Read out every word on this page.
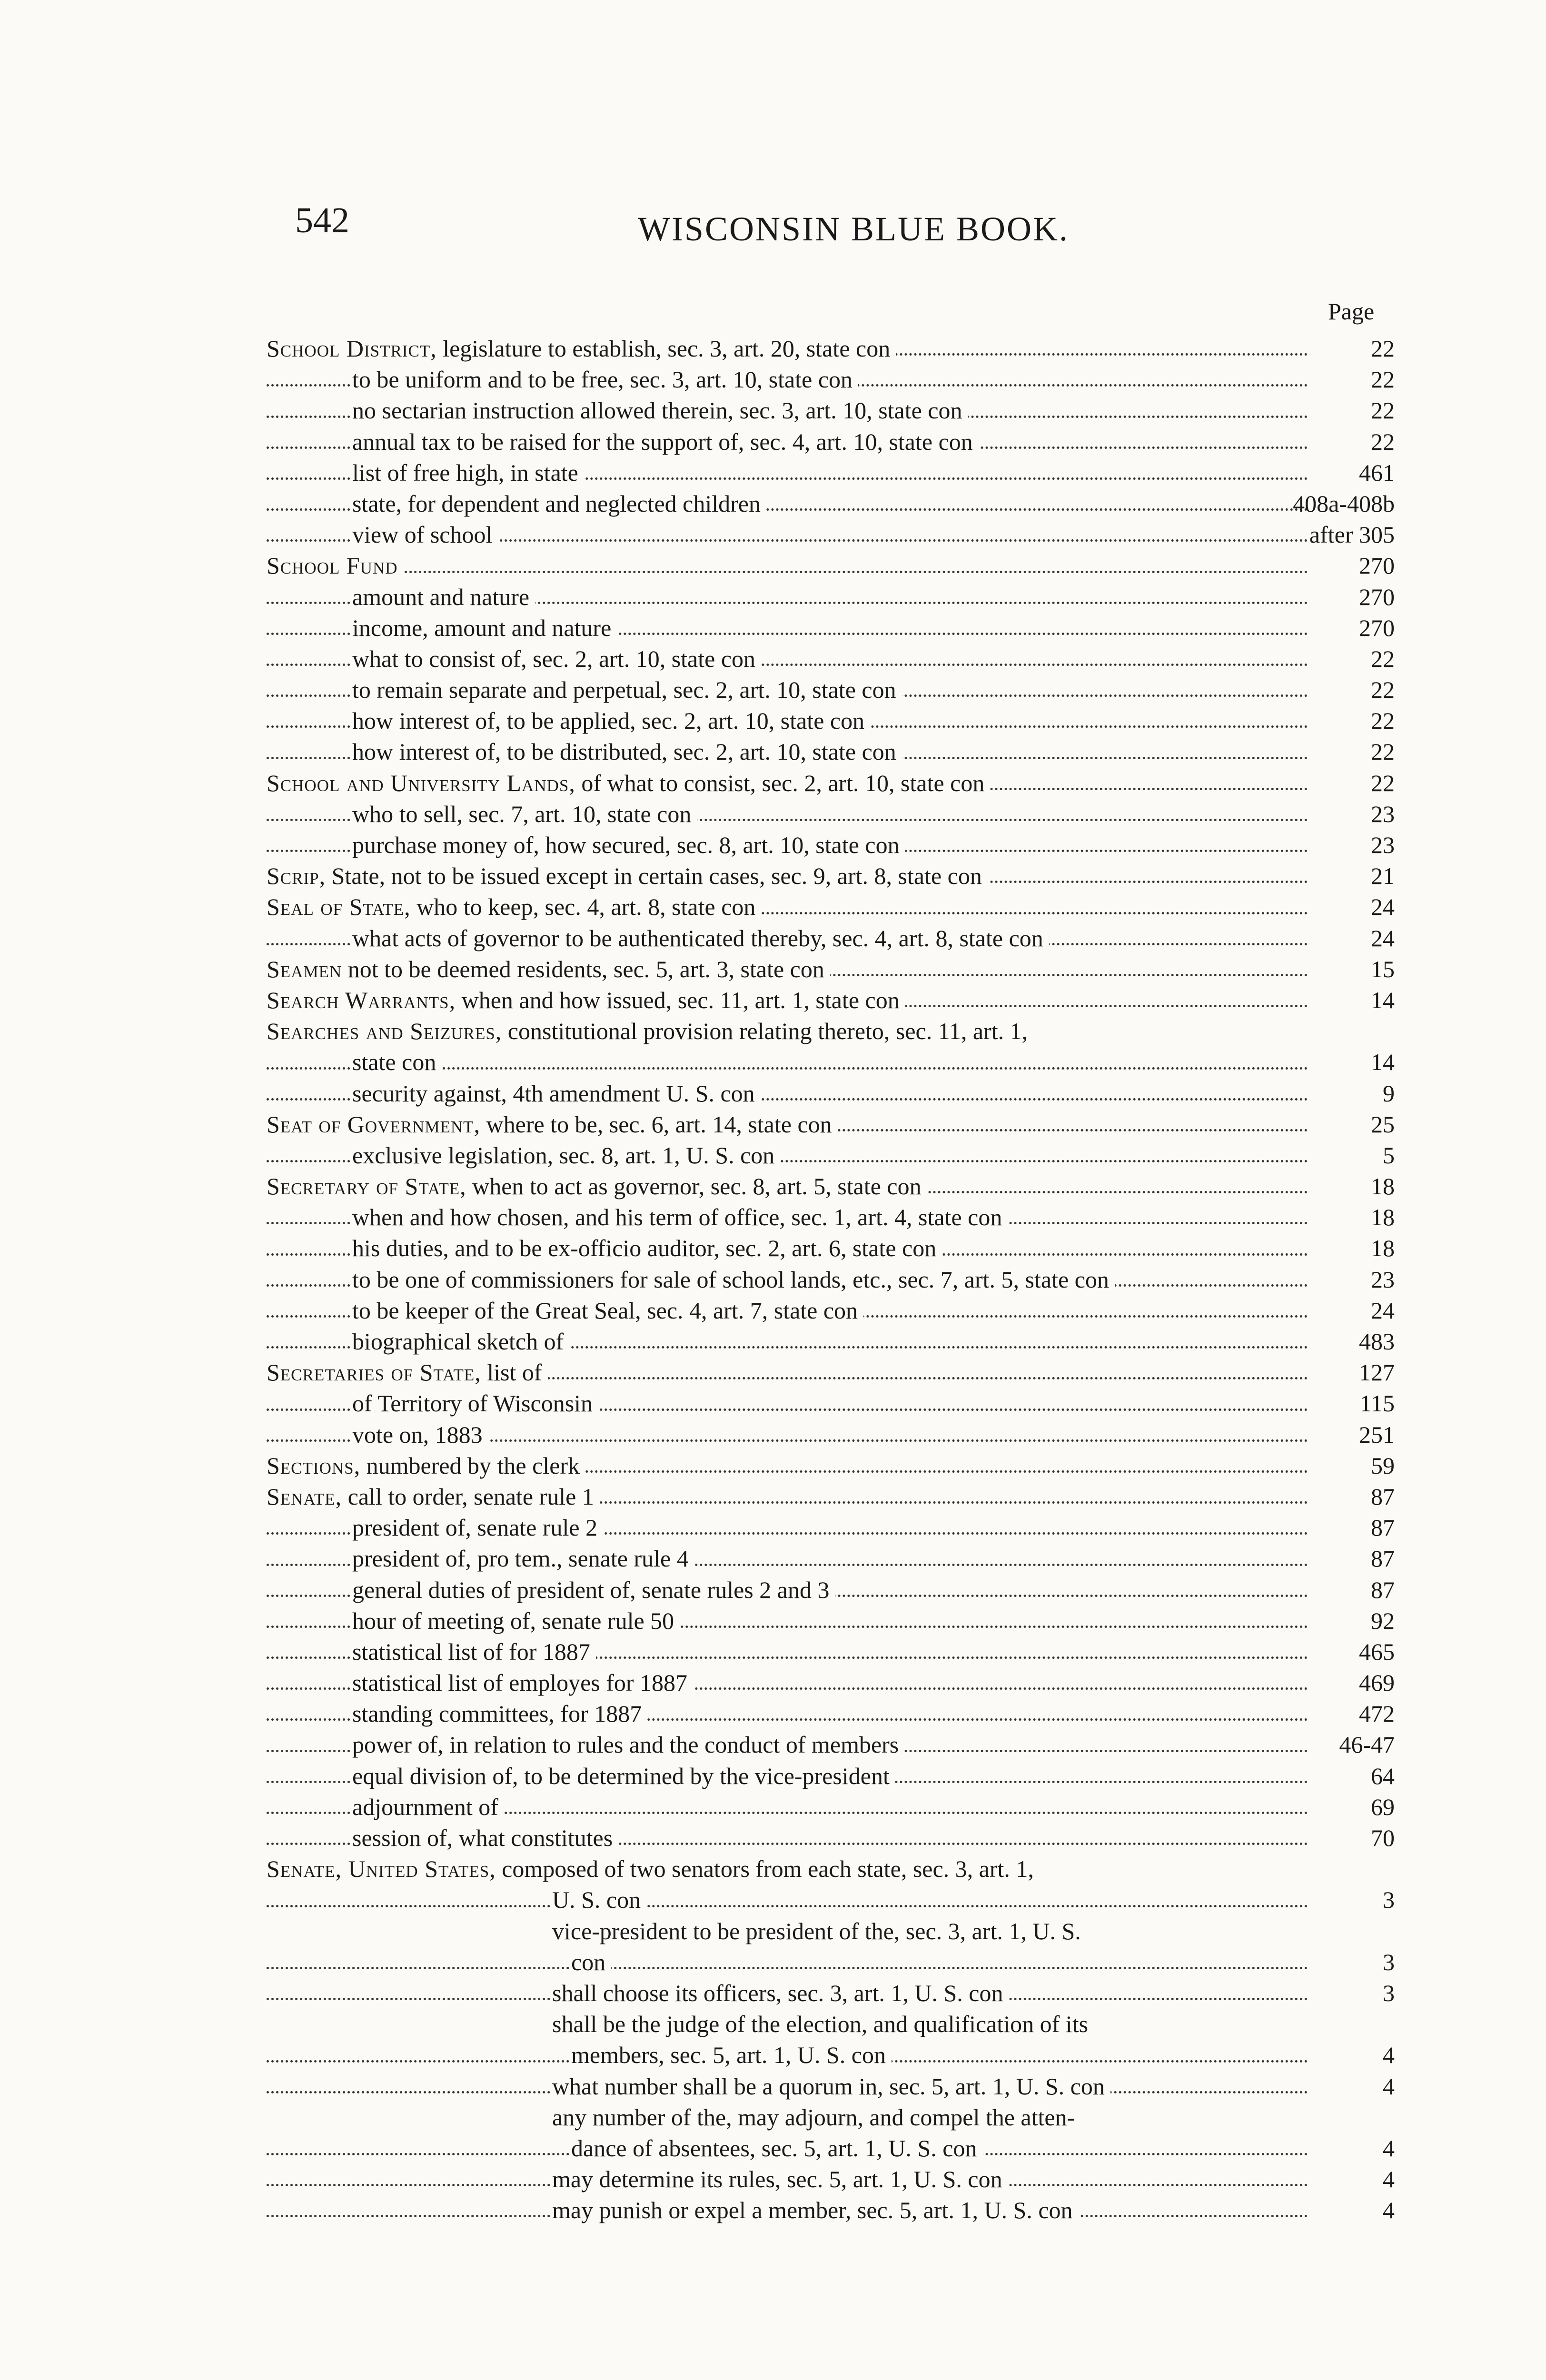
542	WISCONSIN BLUE BOOK.
Page
School District, legislature to establish, sec. 3, art. 20, state con	22
to be uniform and to be free, sec. 3, art. 10, state con	22
no sectarian instruction allowed therein, sec. 3, art. 10, state con	22
annual tax to be raised for the support of, sec. 4, art. 10, state con	22
list of free high, in state	461
state, for dependent and neglected children	408a-408b
view of school	after 305
School Fund	270
amount and nature	270
income, amount and nature	270
what to consist of, sec. 2, art. 10, state con	22
to remain separate and perpetual, sec. 2, art. 10, state con	22
how interest of, to be applied, sec. 2, art. 10, state con	22
how interest of, to be distributed, sec. 2, art. 10, state con	22
School and University Lands, of what to consist, sec. 2, art. 10, state con	22
who to sell, sec. 7, art. 10, state con	23
purchase money of, how secured, sec. 8, art. 10, state con	23
Scrip, State, not to be issued except in certain cases, sec. 9, art. 8, state con	21
Seal of State, who to keep, sec. 4, art. 8, state con	24
what acts of governor to be authenticated thereby, sec. 4, art. 8, state con	24
Seamen not to be deemed residents, sec. 5, art. 3, state con	15
Search Warrants, when and how issued, sec. 11, art. 1, state con	14
Searches and Seizures, constitutional provision relating thereto, sec. 11, art. 1,
state con	14
security against, 4th amendment U. S. con	9
Seat of Government, where to be, sec. 6, art. 14, state con	25
exclusive legislation, sec. 8, art. 1, U. S. con	5
Secretary of State, when to act as governor, sec. 8, art. 5, state con	18
when and how chosen, and his term of office, sec. 1, art. 4, state con	18
his duties, and to be ex-officio auditor, sec. 2, art. 6, state con	18
to be one of commissioners for sale of school lands, etc., sec. 7, art. 5, state con	23
to be keeper of the Great Seal, sec. 4, art. 7, state con	24
biographical sketch of	483
Secretaries of State, list of	127
of Territory of Wisconsin	115
vote on, 1883	251
Sections, numbered by the clerk	59
Senate, call to order, senate rule 1	87
president of, senate rule 2	87
president of, pro tem., senate rule 4	87
general duties of president of, senate rules 2 and 3	87
hour of meeting of, senate rule 50	92
statistical list of for 1887	465
statistical list of employes for 1887	469
standing committees, for 1887	472
power of, in relation to rules and the conduct of members	46-47
equal division of, to be determined by the vice-president	64
adjournment of	69
session of, what constitutes	70
Senate, United States, composed of two senators from each state, sec. 3, art. 1,
U. S. con	3
vice-president to be president of the, sec. 3, art. 1, U. S.
con	3
shall choose its officers, sec. 3, art. 1, U. S. con	3
shall be the judge of the election, and qualification of its
members, sec. 5, art. 1, U. S. con	4
what number shall be a quorum in, sec. 5, art. 1, U. S. con	4
any number of the, may adjourn, and compel the atten-
dance of absentees, sec. 5, art. 1, U. S. con	4
may determine its rules, sec. 5, art. 1, U. S. con	4
may punish or expel a member, sec. 5, art. 1, U. S. con	4
